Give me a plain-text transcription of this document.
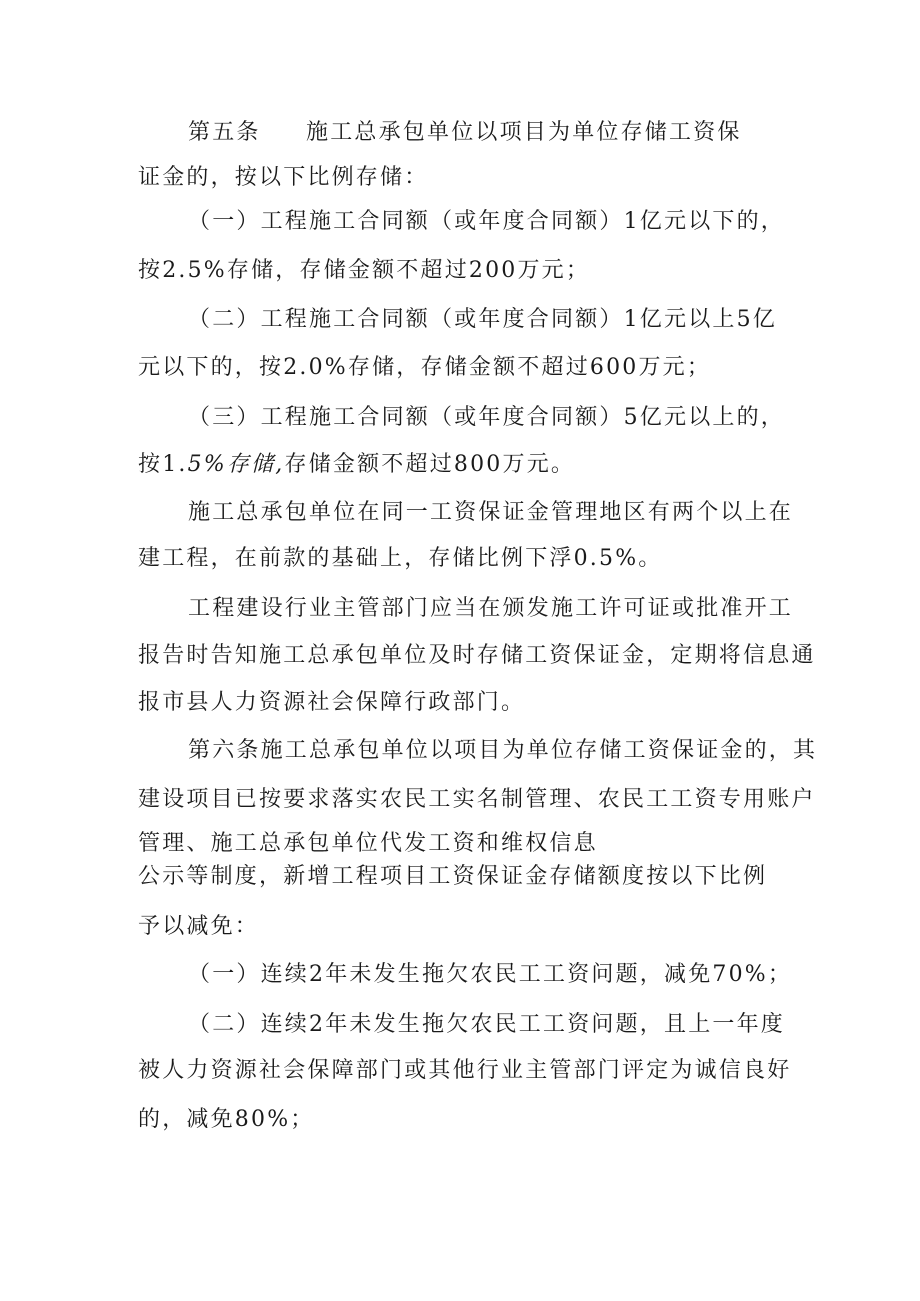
第五条 施工总承包单位以项目为单位存储工资保
证金的，按以下比例存储：
（一）工程施工合同额（或年度合同额）1亿元以下的，
按2.5%存储，存储金额不超过200万元；
（二）工程施工合同额（或年度合同额）1亿元以上5亿
元以下的，按2.0%存储，存储金额不超过600万元；
（三）工程施工合同额（或年度合同额）5亿元以上的，
按1.5%存储,存储金额不超过800万元。
施工总承包单位在同一工资保证金管理地区有两个以上在
建工程，在前款的基础上，存储比例下浮0.5%。
工程建设行业主管部门应当在颁发施工许可证或批准开工
报告时告知施工总承包单位及时存储工资保证金，定期将信息通
报市县人力资源社会保障行政部门。
第六条施工总承包单位以项目为单位存储工资保证金的，其
建设项目已按要求落实农民工实名制管理、农民工工资专用账户
管理、施工总承包单位代发工资和维权信息
公示等制度，新增工程项目工资保证金存储额度按以下比例
予以减免：
（一）连续2年未发生拖欠农民工工资问题，减免70%；
（二）连续2年未发生拖欠农民工工资问题，且上一年度
被人力资源社会保障部门或其他行业主管部门评定为诚信良好
的，减免80%；
